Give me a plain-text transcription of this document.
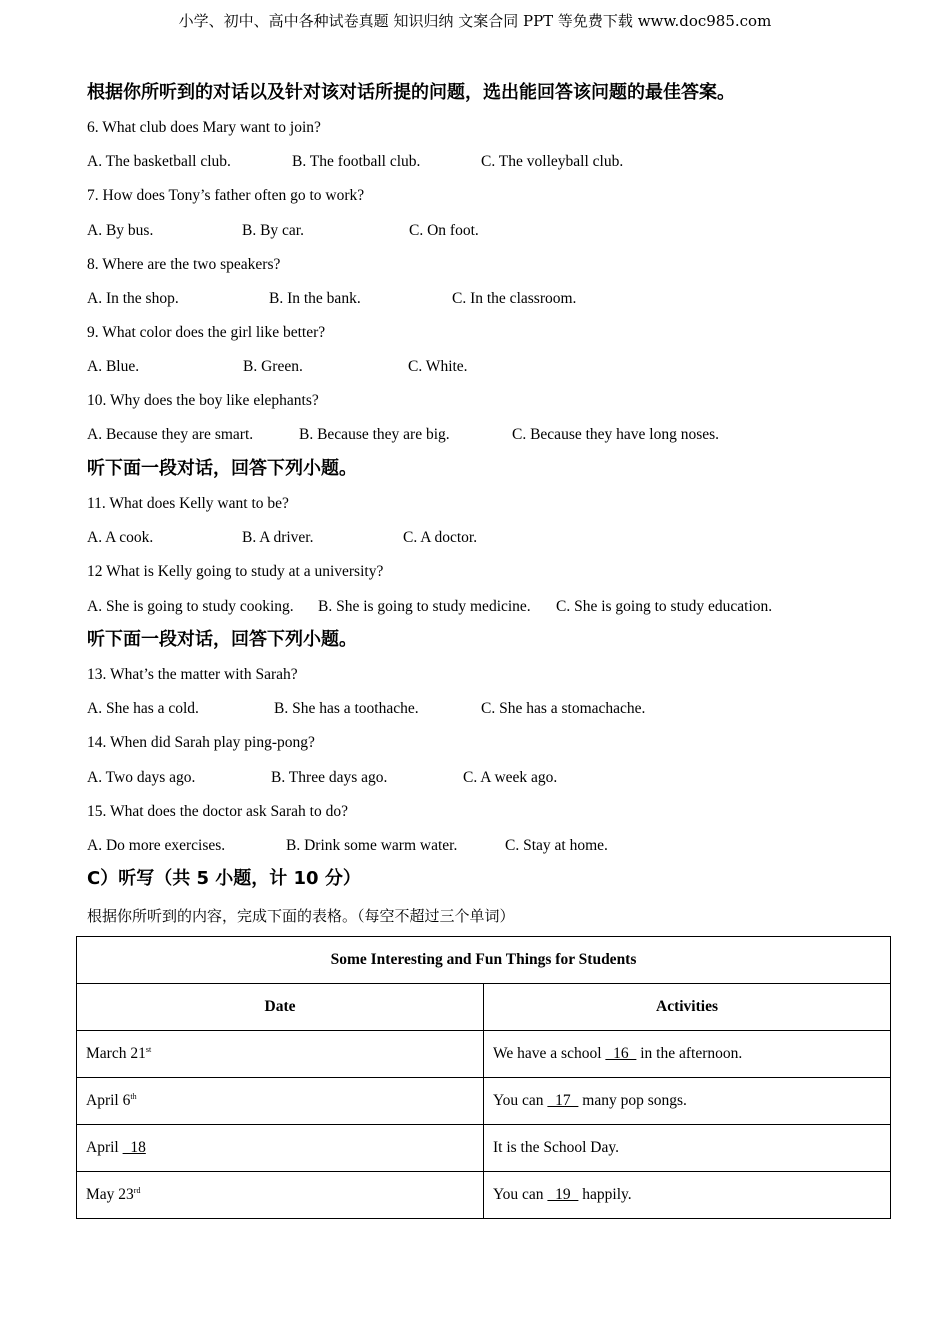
小学、初中、高中各种试卷真题 知识归纳 文案合同 PPT 等免费下载 www.doc985.com
根据你所听到的对话以及针对该对话所提的问题，选出能回答该问题的最佳答案。
6. What club does Mary want to join?
A. The basketball club.	B. The football club.	C. The volleyball club.
7. How does Tony’s father often go to work?
A. By bus.	B. By car.	C. On foot.
8. Where are the two speakers?
A. In the shop.	B. In the bank.	C. In the classroom.
9. What color does the girl like better?
A. Blue.	B. Green.	C. White.
10. Why does the boy like elephants?
A. Because they are smart.	B. Because they are big.	C. Because they have long noses.
听下面一段对话，回答下列小题。
11. What does Kelly want to be?
A. A cook.	B. A driver.	C. A doctor.
12 What is Kelly going to study at a university?
A. She is going to study cooking. B. She is going to study medicine. C. She is going to study education.
听下面一段对话，回答下列小题。
13. What’s the matter with Sarah?
A. She has a cold.	B. She has a toothache.	C. She has a stomachache.
14. When did Sarah play ping-pong?
A. Two days ago.	B. Three days ago.	C. A week ago.
15. What does the doctor ask Sarah to do?
A. Do more exercises.	B. Drink some warm water.	C. Stay at home.
C）听写（共 5 小题，计 10 分）
根据你所听到的内容，完成下面的表格。（每空不超过三个单词）
Some Interesting and Fun Things for Students	
Date	Activities
March 21st	We have a school   16   in the afternoon.
April 6th	You can   17   many pop songs.
April   18	It is the School Day.
May 23rd	You can   19   happily.
